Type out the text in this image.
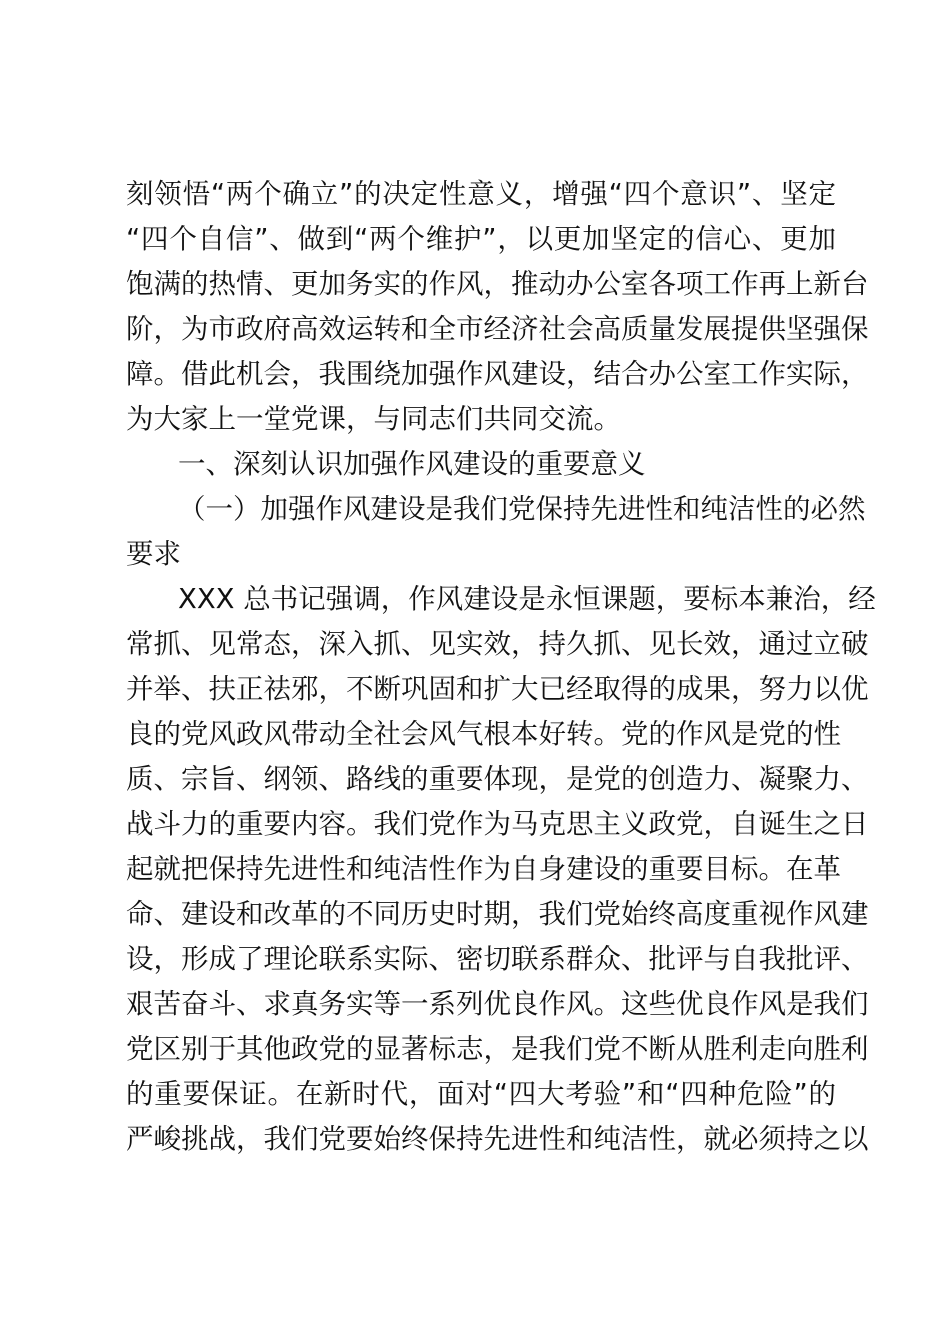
刻领悟“两个确立”的决定性意义，增强“四个意识”、坚定
“四个自信”、做到“两个维护”，以更加坚定的信心、更加
饱满的热情、更加务实的作风，推动办公室各项工作再上新台
阶，为市政府高效运转和全市经济社会高质量发展提供坚强保
障。借此机会，我围绕加强作风建设，结合办公室工作实际，
为大家上一堂党课，与同志们共同交流。
一、深刻认识加强作风建设的重要意义
（一）加强作风建设是我们党保持先进性和纯洁性的必然
要求
XXX 总书记强调，作风建设是永恒课题，要标本兼治，经
常抓、见常态，深入抓、见实效，持久抓、见长效，通过立破
并举、扶正祛邪，不断巩固和扩大已经取得的成果，努力以优
良的党风政风带动全社会风气根本好转。党的作风是党的性
质、宗旨、纲领、路线的重要体现，是党的创造力、凝聚力、
战斗力的重要内容。我们党作为马克思主义政党，自诞生之日
起就把保持先进性和纯洁性作为自身建设的重要目标。在革
命、建设和改革的不同历史时期，我们党始终高度重视作风建
设，形成了理论联系实际、密切联系群众、批评与自我批评、
艰苦奋斗、求真务实等一系列优良作风。这些优良作风是我们
党区别于其他政党的显著标志，是我们党不断从胜利走向胜利
的重要保证。在新时代，面对“四大考验”和“四种危险”的
严峻挑战，我们党要始终保持先进性和纯洁性，就必须持之以
